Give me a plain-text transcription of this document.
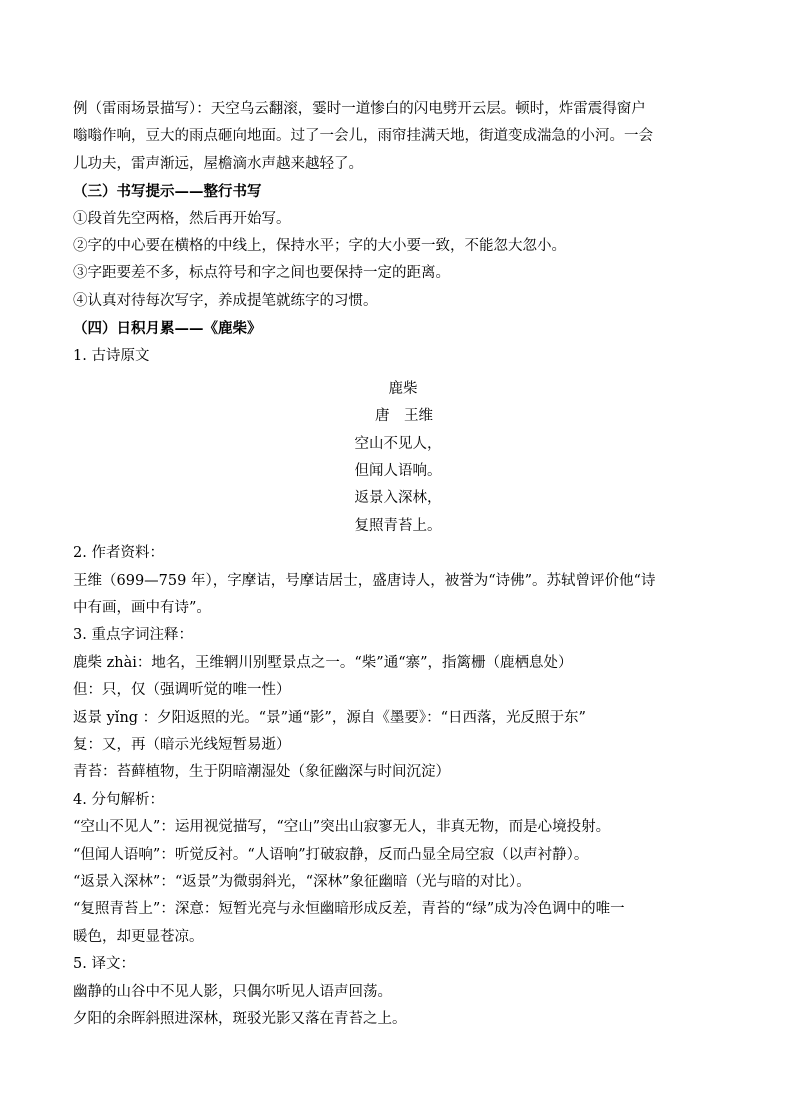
例（雷雨场景描写）：天空乌云翻滚，霎时一道惨白的闪电劈开云层。顿时，炸雷震得窗户
嗡嗡作响，豆大的雨点砸向地面。过了一会儿，雨帘挂满天地，街道变成湍急的小河。一会
儿功夫，雷声渐远，屋檐滴水声越来越轻了。
（三）书写提示——整行书写
①段首先空两格，然后再开始写。
②字的中心要在横格的中线上，保持水平；字的大小要一致，不能忽大忽小。
③字距要差不多，标点符号和字之间也要保持一定的距离。
④认真对待每次写字，养成提笔就练字的习惯。
（四）日积月累——《鹿柴》
1. 古诗原文
鹿柴
唐　王维
空山不见人，
但闻人语响。
返景入深林，
复照青苔上。
2. 作者资料：
王维（699—759 年），字摩诘，号摩诘居士，盛唐诗人，被誉为“诗佛”。苏轼曾评价他“诗
中有画，画中有诗”。
3. 重点字词注释：
鹿柴 zhài：地名，王维辋川别墅景点之一。“柴”通“寨”，指篱栅（鹿栖息处）
但：只，仅（强调听觉的唯一性）
返景 yǐng ：夕阳返照的光。“景”通“影”，源自《墨要》：“日西落，光反照于东”
复：又，再（暗示光线短暂易逝）
青苔：苔藓植物，生于阴暗潮湿处（象征幽深与时间沉淀）
4. 分句解析：
“空山不见人”：运用视觉描写，“空山”突出山寂寥无人，非真无物，而是心境投射。
“但闻人语响”：听觉反衬。“人语响”打破寂静，反而凸显全局空寂（以声衬静）。
“返景入深林”：“返景”为微弱斜光，“深林”象征幽暗（光与暗的对比）。
“复照青苔上”：深意：短暂光亮与永恒幽暗形成反差，青苔的“绿”成为冷色调中的唯一
暖色，却更显苍凉。
5. 译文：
幽静的山谷中不见人影，只偶尔听见人语声回荡。
夕阳的余晖斜照进深林，斑驳光影又落在青苔之上。
